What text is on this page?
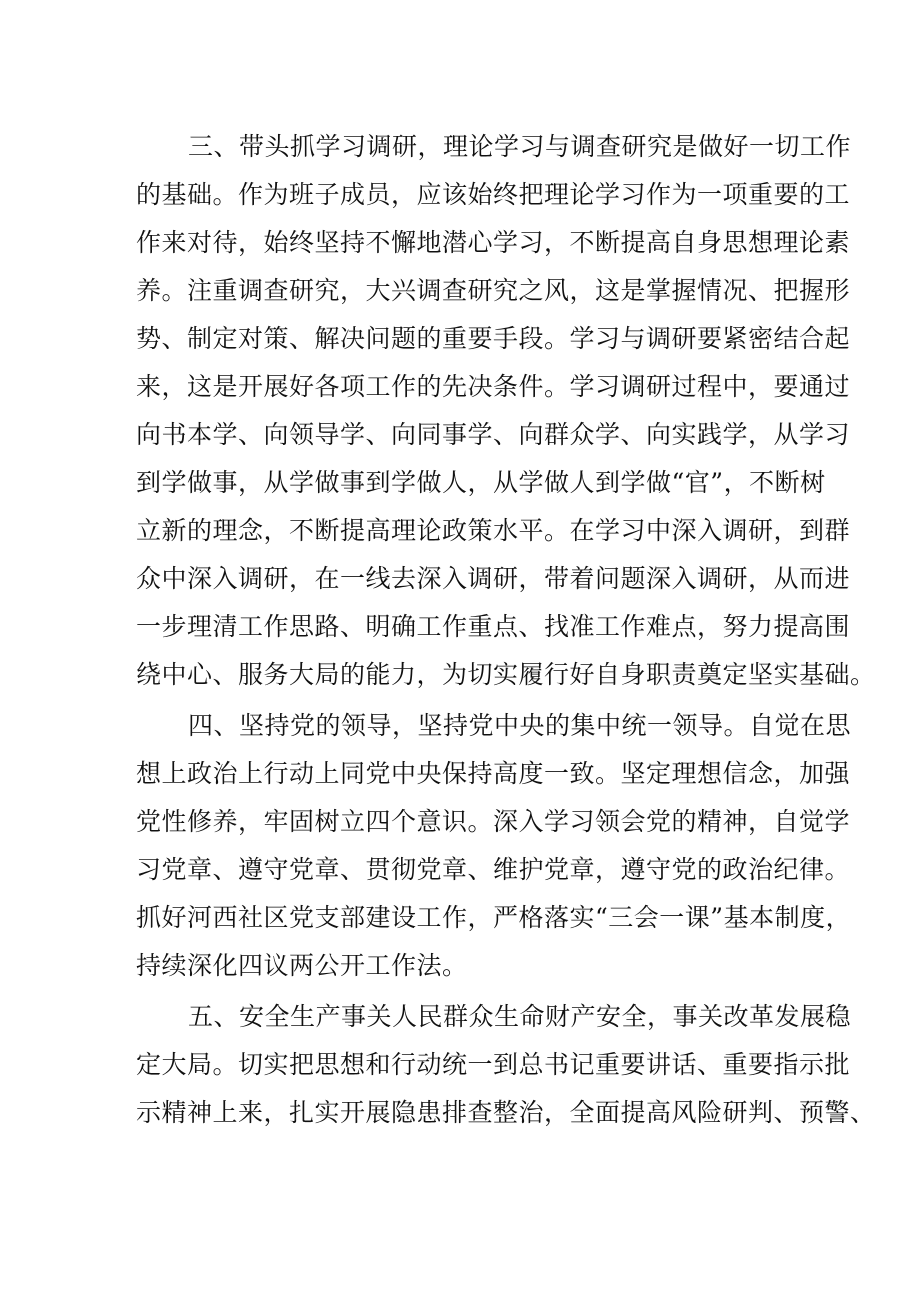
三、带头抓学习调研，理论学习与调查研究是做好一切工作
的基础。作为班子成员，应该始终把理论学习作为一项重要的工
作来对待，始终坚持不懈地潜心学习，不断提高自身思想理论素
养。注重调查研究，大兴调查研究之风，这是掌握情况、把握形
势、制定对策、解决问题的重要手段。学习与调研要紧密结合起
来，这是开展好各项工作的先决条件。学习调研过程中，要通过
向书本学、向领导学、向同事学、向群众学、向实践学，从学习
到学做事，从学做事到学做人，从学做人到学做“官”，不断树
立新的理念，不断提高理论政策水平。在学习中深入调研，到群
众中深入调研，在一线去深入调研，带着问题深入调研，从而进
一步理清工作思路、明确工作重点、找准工作难点，努力提高围
绕中心、服务大局的能力，为切实履行好自身职责奠定坚实基础。
四、坚持党的领导，坚持党中央的集中统一领导。自觉在思
想上政治上行动上同党中央保持高度一致。坚定理想信念，加强
党性修养，牢固树立四个意识。深入学习领会党的精神，自觉学
习党章、遵守党章、贯彻党章、维护党章，遵守党的政治纪律。
抓好河西社区党支部建设工作，严格落实“三会一课”基本制度，
持续深化四议两公开工作法。
五、安全生产事关人民群众生命财产安全，事关改革发展稳
定大局。切实把思想和行动统一到总书记重要讲话、重要指示批
示精神上来，扎实开展隐患排查整治，全面提高风险研判、预警、
